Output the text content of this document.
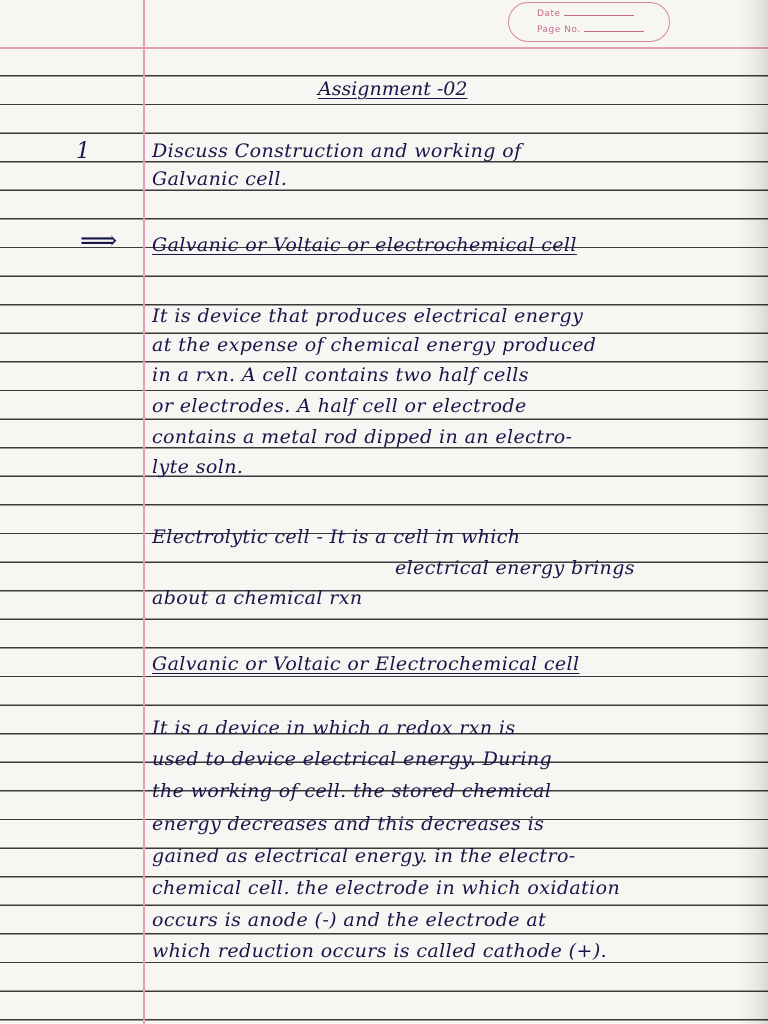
Date
Page No.
Assignment -02
1	Discuss Construction and working of
Galvanic cell.
⟹ Galvanic or Voltaic or electrochemical cell
It is device that produces electrical energy
at the expense of chemical energy produced
in a rxn. A cell contains two half cells
or electrodes. A half cell or electrode
contains a metal rod dipped in an electro-
lyte soln.
Electrolytic cell - It is a cell in which
electrical energy brings
about a chemical rxn
Galvanic or Voltaic or Electrochemical cell
It is a device in which a redox rxn is
used to device electrical energy. During
the working of cell. the stored chemical
energy decreases and this decreases is
gained as electrical energy. in the electro-
chemical cell. the electrode in which oxidation
occurs is anode (-) and the electrode at
which reduction occurs is called cathode (+).
